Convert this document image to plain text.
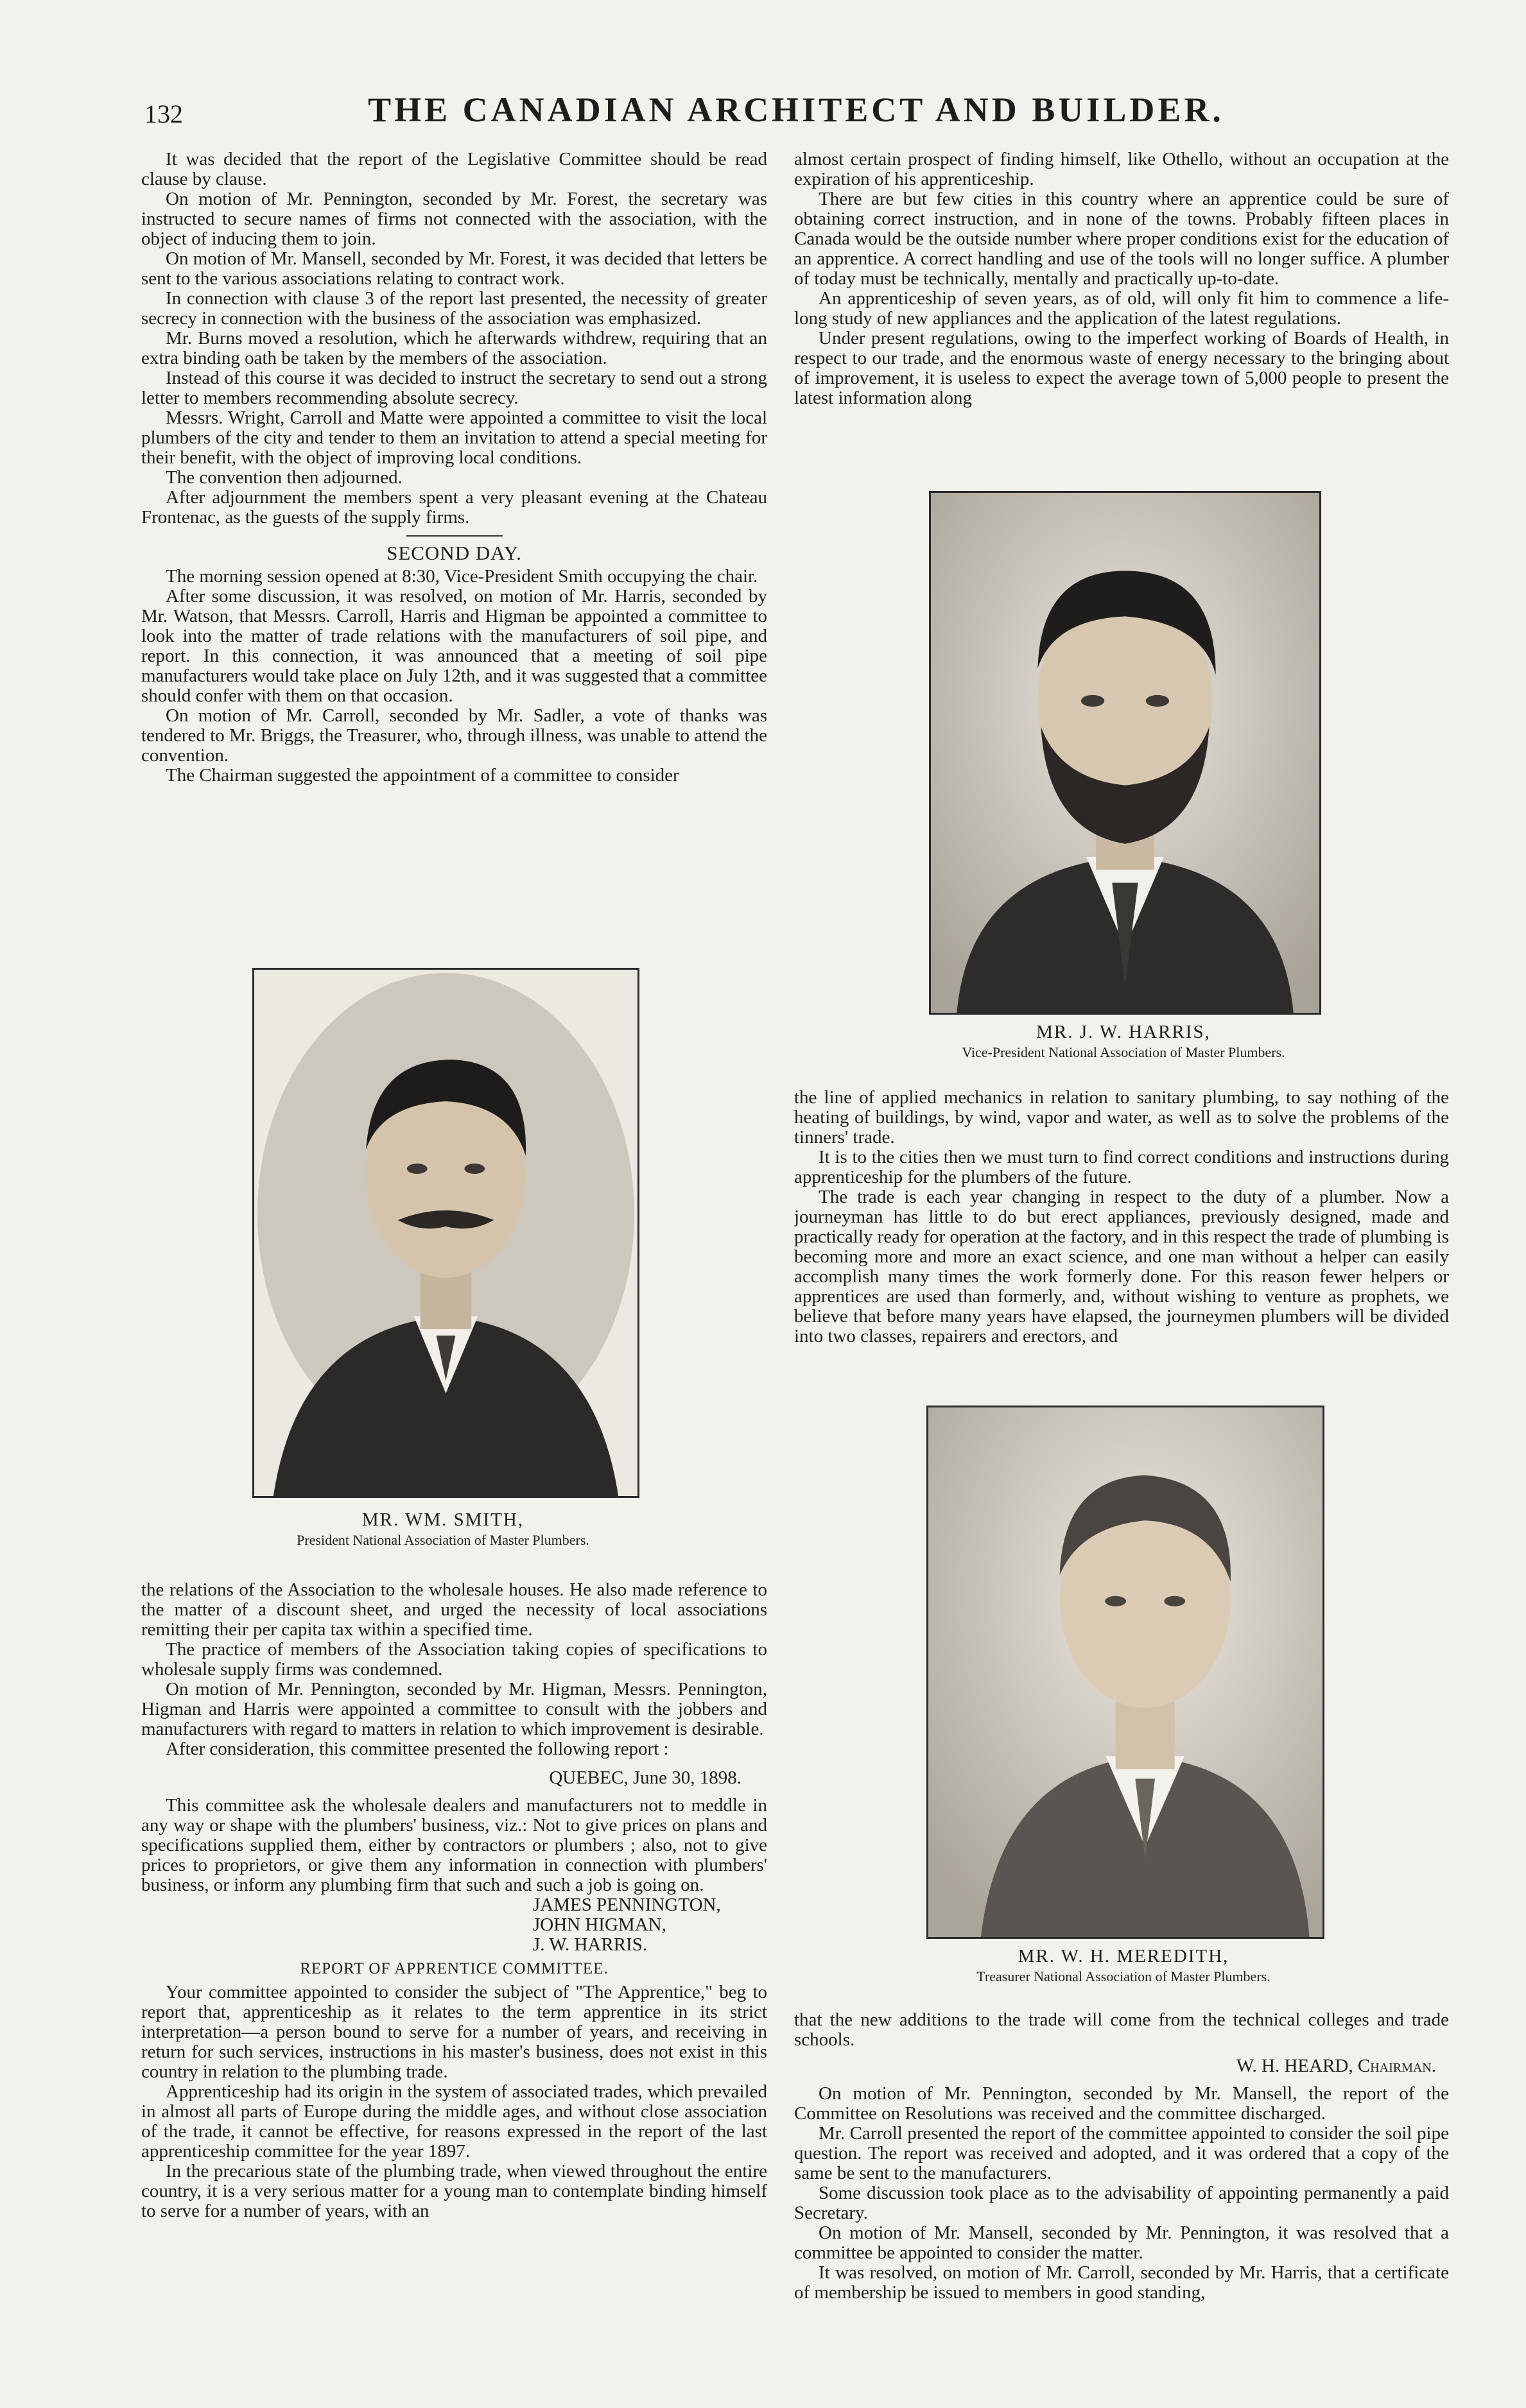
132	THE CANADIAN ARCHITECT AND BUILDER.

It was decided that the report of the Legislative Committee should be read clause by clause.

On motion of Mr. Pennington, seconded by Mr. Forest, the secretary was instructed to secure names of firms not connected with the association, with the object of inducing them to join.

On motion of Mr. Mansell, seconded by Mr. Forest, it was decided that letters be sent to the various associations relating to contract work.

In connection with clause 3 of the report last presented, the necessity of greater secrecy in connection with the business of the association was emphasized.

Mr. Burns moved a resolution, which he afterwards withdrew, requiring that an extra binding oath be taken by the members of the association.

Instead of this course it was decided to instruct the secretary to send out a strong letter to members recommending absolute secrecy.

Messrs. Wright, Carroll and Matte were appointed a committee to visit the local plumbers of the city and tender to them an invitation to attend a special meeting for their benefit, with the object of improving local conditions.

The convention then adjourned.

After adjournment the members spent a very pleasant evening at the Chateau Frontenac, as the guests of the supply firms.

SECOND DAY.

The morning session opened at 8:30, Vice-President Smith occupying the chair.

After some discussion, it was resolved, on motion of Mr. Harris, seconded by Mr. Watson, that Messrs. Carroll, Harris and Higman be appointed a committee to look into the matter of trade relations with the manufacturers of soil pipe, and report. In this connection, it was announced that a meeting of soil pipe manufacturers would take place on July 12th, and it was suggested that a committee should confer with them on that occasion.

On motion of Mr. Carroll, seconded by Mr. Sadler, a vote of thanks was tendered to Mr. Briggs, the Treasurer, who, through illness, was unable to attend the convention.

The Chairman suggested the appointment of a committee to consider

MR. J. W. HARRIS,
Vice-President National Association of Master Plumbers.
MR. WM. SMITH,
President National Association of Master Plumbers.

almost certain prospect of finding himself, like Othello, without an occupation at the expiration of his apprenticeship.

There are but few cities in this country where an apprentice could be sure of obtaining correct instruction, and in none of the towns. Probably fifteen places in Canada would be the outside number where proper conditions exist for the education of an apprentice. A correct handling and use of the tools will no longer suffice. A plumber of today must be technically, mentally and practically up-to-date.

An apprenticeship of seven years, as of old, will only fit him to commence a life-long study of new appliances and the application of the latest regulations.

Under present regulations, owing to the imperfect working of Boards of Health, in respect to our trade, and the enormous waste of energy necessary to the bringing about of improvement, it is useless to expect the average town of 5,000 people to present the latest information along

the line of applied mechanics in relation to sanitary plumbing, to say nothing of the heating of buildings, by wind, vapor and water, as well as to solve the problems of the tinners' trade.

It is to the cities then we must turn to find correct conditions and instructions during apprenticeship for the plumbers of the future.

The trade is each year changing in respect to the duty of a plumber. Now a journeyman has little to do but erect appliances, previously designed, made and practically ready for operation at the factory, and in this respect the trade of plumbing is becoming more and more an exact science, and one man without a helper can easily accomplish many times the work formerly done. For this reason fewer helpers or apprentices are used than formerly, and, without wishing to venture as prophets, we believe that before many years have elapsed, the journeymen plumbers will be divided into two classes, repairers and erectors, and

MR. W. H. MEREDITH,
Treasurer National Association of Master Plumbers.

that the new additions to the trade will come from the technical colleges and trade schools.

W. H. HEARD, Chairman.

On motion of Mr. Pennington, seconded by Mr. Mansell, the report of the Committee on Resolutions was received and the committee discharged.

Mr. Carroll presented the report of the committee appointed to consider the soil pipe question. The report was received and adopted, and it was ordered that a copy of the same be sent to the manufacturers.

Some discussion took place as to the advisability of appointing permanently a paid Secretary.

On motion of Mr. Mansell, seconded by Mr. Pennington, it was resolved that a committee be appointed to consider the matter.

It was resolved, on motion of Mr. Carroll, seconded by Mr. Harris, that a certificate of membership be issued to members in good standing,

the relations of the Association to the wholesale houses. He also made reference to the matter of a discount sheet, and urged the necessity of local associations remitting their per capita tax within a specified time.

The practice of members of the Association taking copies of specifications to wholesale supply firms was condemned.

On motion of Mr. Pennington, seconded by Mr. Higman, Messrs. Pennington, Higman and Harris were appointed a committee to consult with the jobbers and manufacturers with regard to matters in relation to which improvement is desirable.

After consideration, this committee presented the following report :

QUEBEC, June 30, 1898.

This committee ask the wholesale dealers and manufacturers not to meddle in any way or shape with the plumbers' business, viz.: Not to give prices on plans and specifications supplied them, either by contractors or plumbers ; also, not to give prices to proprietors, or give them any information in connection with plumbers' business, or inform any plumbing firm that such and such a job is going on.

JAMES PENNINGTON,
JOHN HIGMAN,
J. W. HARRIS.
REPORT OF APPRENTICE COMMITTEE.

Your committee appointed to consider the subject of "The Apprentice," beg to report that, apprenticeship as it relates to the term apprentice in its strict interpretation—a person bound to serve for a number of years, and receiving in return for such services, instructions in his master's business, does not exist in this country in relation to the plumbing trade.

Apprenticeship had its origin in the system of associated trades, which prevailed in almost all parts of Europe during the middle ages, and without close association of the trade, it cannot be effective, for reasons expressed in the report of the last apprenticeship committee for the year 1897.

In the precarious state of the plumbing trade, when viewed throughout the entire country, it is a very serious matter for a young man to contemplate binding himself to serve for a number of years, with an
